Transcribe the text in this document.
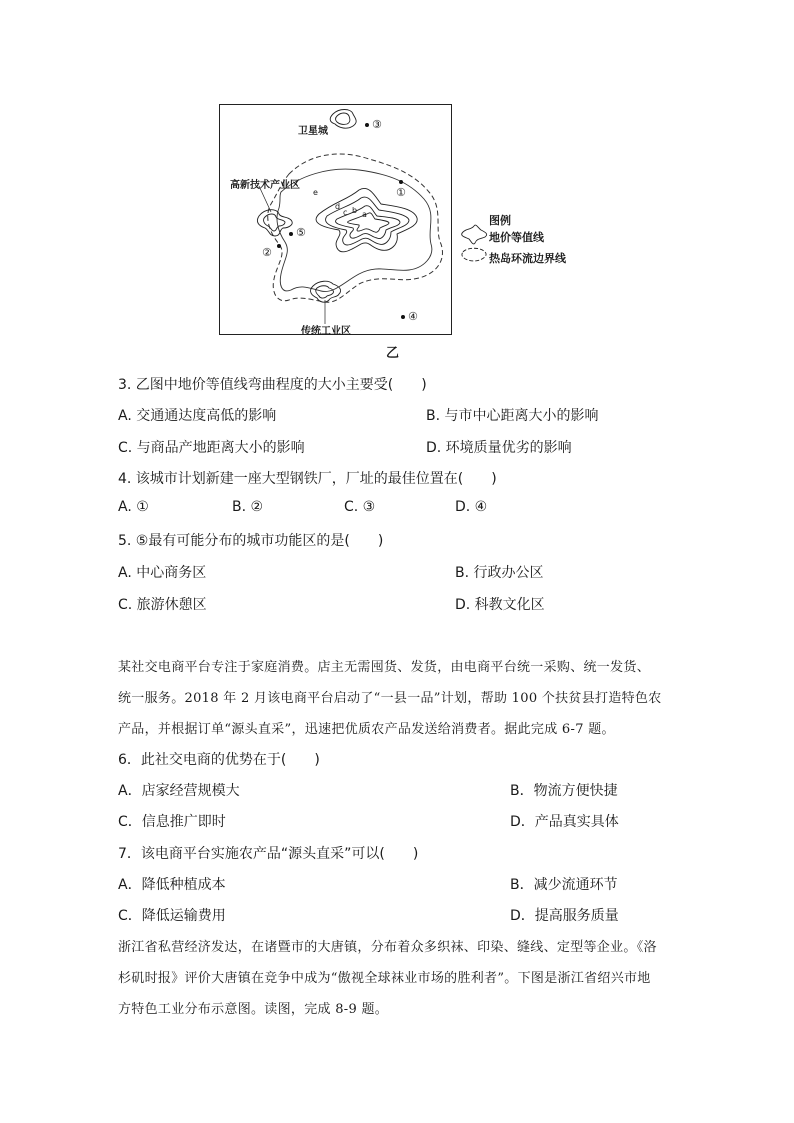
卫星城
高新技术产业区
传统工业区
图例
地价等值线
热岛环流边界线
③
①
⑤
②
④
a
b
c
d
e
乙
3. 乙图中地价等值线弯曲程度的大小主要受(　　)
A. 交通通达度高低的影响	B. 与市中心距离大小的影响
C. 与商品产地距离大小的影响	D. 环境质量优劣的影响
4. 该城市计划新建一座大型钢铁厂，厂址的最佳位置在(　　)
A. ①	B. ②	C. ③	D. ④
5. ⑤最有可能分布的城市功能区的是(　　)
A. 中心商务区	B. 行政办公区
C. 旅游休憩区	D. 科教文化区
某社交电商平台专注于家庭消费。店主无需囤货、发货，由电商平台统一采购、统一发货、
统一服务。2018 年 2 月该电商平台启动了“一县一品”计划，帮助 100 个扶贫县打造特色农
产品，并根据订单“源头直采”，迅速把优质农产品发送给消费者。据此完成 6-7 题。
6．此社交电商的优势在于(　　)
A．店家经营规模大	B．物流方便快捷
C．信息推广即时	D．产品真实具体
7．该电商平台实施农产品“源头直采”可以(　　)
A．降低种植成本	B．减少流通环节
C．降低运输费用	D．提高服务质量
浙江省私营经济发达，在诸暨市的大唐镇，分布着众多织袜、印染、缝线、定型等企业。《洛
杉矶时报》评价大唐镇在竞争中成为“傲视全球袜业市场的胜利者”。下图是浙江省绍兴市地
方特色工业分布示意图。读图，完成 8-9 题。
